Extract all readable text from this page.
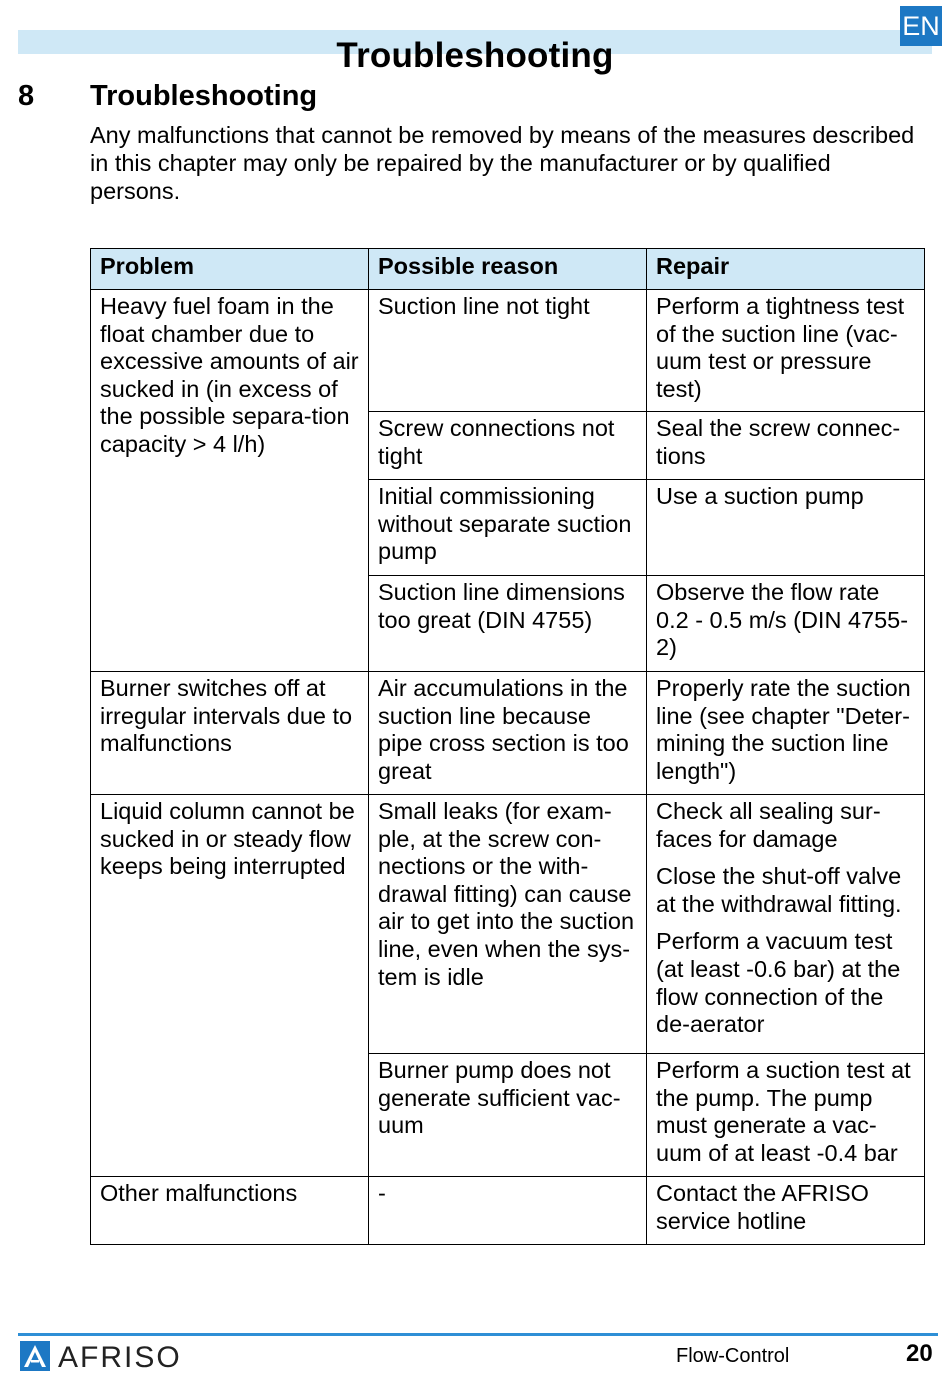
Troubleshooting
EN
8 Troubleshooting
Any malfunctions that cannot be removed by means of the measures described in this chapter may only be repaired by the manufacturer or by qualified persons.
Problem	Possible reason	Repair
Heavy fuel foam in the float chamber due to excessive amounts of air sucked in (in excess of the possible separa-tion capacity > 4 l/h)	Suction line not tight	Perform a tightness test of the suction line (vac-uum test or pressure test)

	Screw connections not tight	Seal the screw connec-tions

	Initial commissioning without separate suction pump	Use a suction pump

	Suction line dimensions too great (DIN 4755)	Observe the flow rate 0.2 - 0.5 m/s (DIN 4755-2)

Burner switches off at irregular intervals due to malfunctions	Air accumulations in the suction line because pipe cross section is too great	Properly rate the suction line (see chapter "Deter-mining the suction line length")

Liquid column cannot be sucked in or steady flow keeps being interrupted	Small leaks (for exam-ple, at the screw con-nections or the with-drawal fitting) can cause air to get into the suction line, even when the sys-tem is idle	Check all sealing sur-faces for damage
Close the shut-off valve at the withdrawal fitting.
Perform a vacuum test (at least -0.6 bar) at the flow connection of the de-aerator

	Burner pump does not generate sufficient vac-uum	Perform a suction test at the pump. The pump must generate a vac-uum of at least -0.4 bar

Other malfunctions	-	Contact the AFRISO service hotline
AFRISO	Flow-Control	20
